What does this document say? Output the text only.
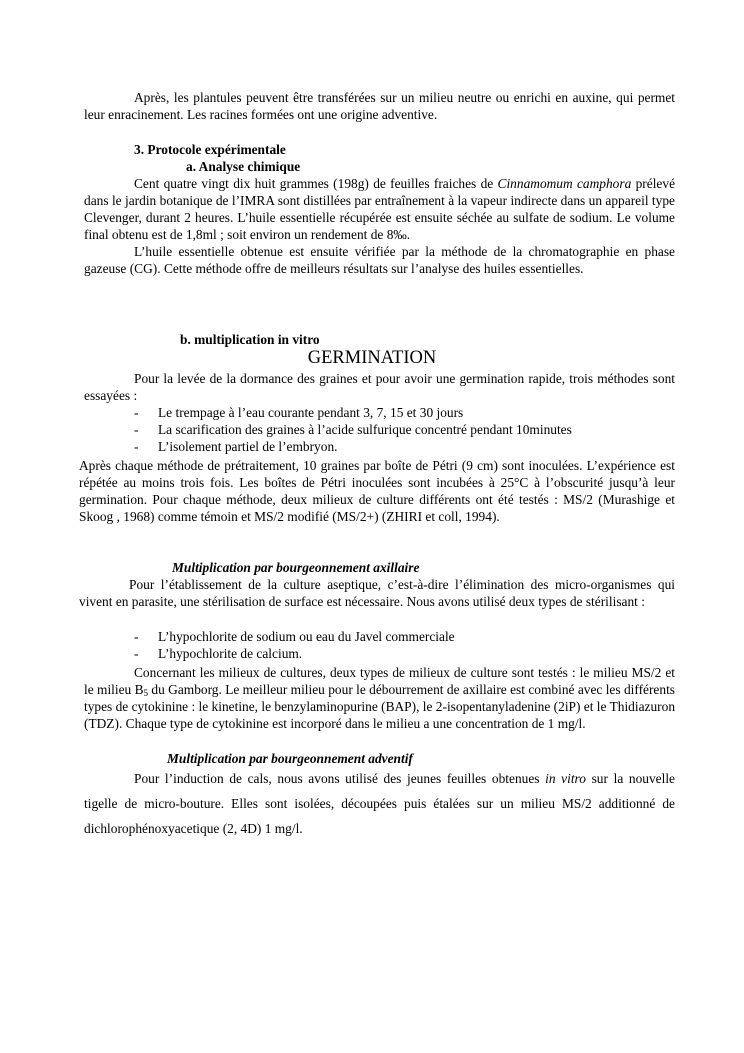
Après, les plantules peuvent être transférées sur un milieu neutre ou enrichi en auxine, qui permet leur enracinement. Les racines formées ont une origine adventive.

3. Protocole expérimentale
a. Analyse chimique

Cent quatre vingt dix huit grammes (198g) de feuilles fraiches de Cinnamomum camphora prélevé dans le jardin botanique de l’IMRA sont distillées par entraînement à la vapeur indirecte dans un appareil type Clevenger, durant 2 heures. L’huile essentielle récupérée est ensuite séchée au sulfate de sodium. Le volume final obtenu est de 1,8ml ; soit environ un rendement de 8‰.

L’huile essentielle obtenue est ensuite vérifiée par la méthode de la chromatographie en phase gazeuse (CG). Cette méthode offre de meilleurs résultats sur l’analyse des huiles essentielles.

b. multiplication in vitro
GERMINATION

Pour la levée de la dormance des graines et pour avoir une germination rapide, trois méthodes sont essayées :

- Le trempage à l’eau courante pendant 3, 7, 15 et 30 jours
- La scarification des graines à l’acide sulfurique concentré pendant 10minutes
- L’isolement partiel de l’embryon.

Après chaque méthode de prétraitement, 10 graines par boîte de Pétri (9 cm) sont inoculées. L’expérience est répétée au moins trois fois. Les boîtes de Pétri inoculées sont incubées à 25°C à l’obscurité jusqu’à leur germination. Pour chaque méthode, deux milieux de culture différents ont été testés : MS/2 (Murashige et Skoog , 1968) comme témoin et MS/2 modifié (MS/2+) (ZHIRI et coll, 1994).

Multiplication par bourgeonnement axillaire

Pour l’établissement de la culture aseptique, c’est-à-dire l’élimination des micro-organismes qui vivent en parasite, une stérilisation de surface est nécessaire. Nous avons utilisé deux types de stérilisant :

- L’hypochlorite de sodium ou eau du Javel commerciale
- L’hypochlorite de calcium.

Concernant les milieux de cultures, deux types de milieux de culture sont testés : le milieu MS/2 et le milieu $B_5$ du Gamborg. Le meilleur milieu pour le débourrement de axillaire est combiné avec les différents types de cytokinine : le kinetine, le benzylaminopurine (BAP), le 2-isopentanyladenine (2iP) et le Thidiazuron (TDZ). Chaque type de cytokinine est incorporé dans le milieu a une concentration de 1 mg/l.

Multiplication par bourgeonnement adventif

Pour l’induction de cals, nous avons utilisé des jeunes feuilles obtenues in vitro sur la nouvelle tigelle de micro-bouture. Elles sont isolées, découpées puis étalées sur un milieu MS/2 additionné de dichlorophénoxyacetique (2, 4D) 1 mg/l.
